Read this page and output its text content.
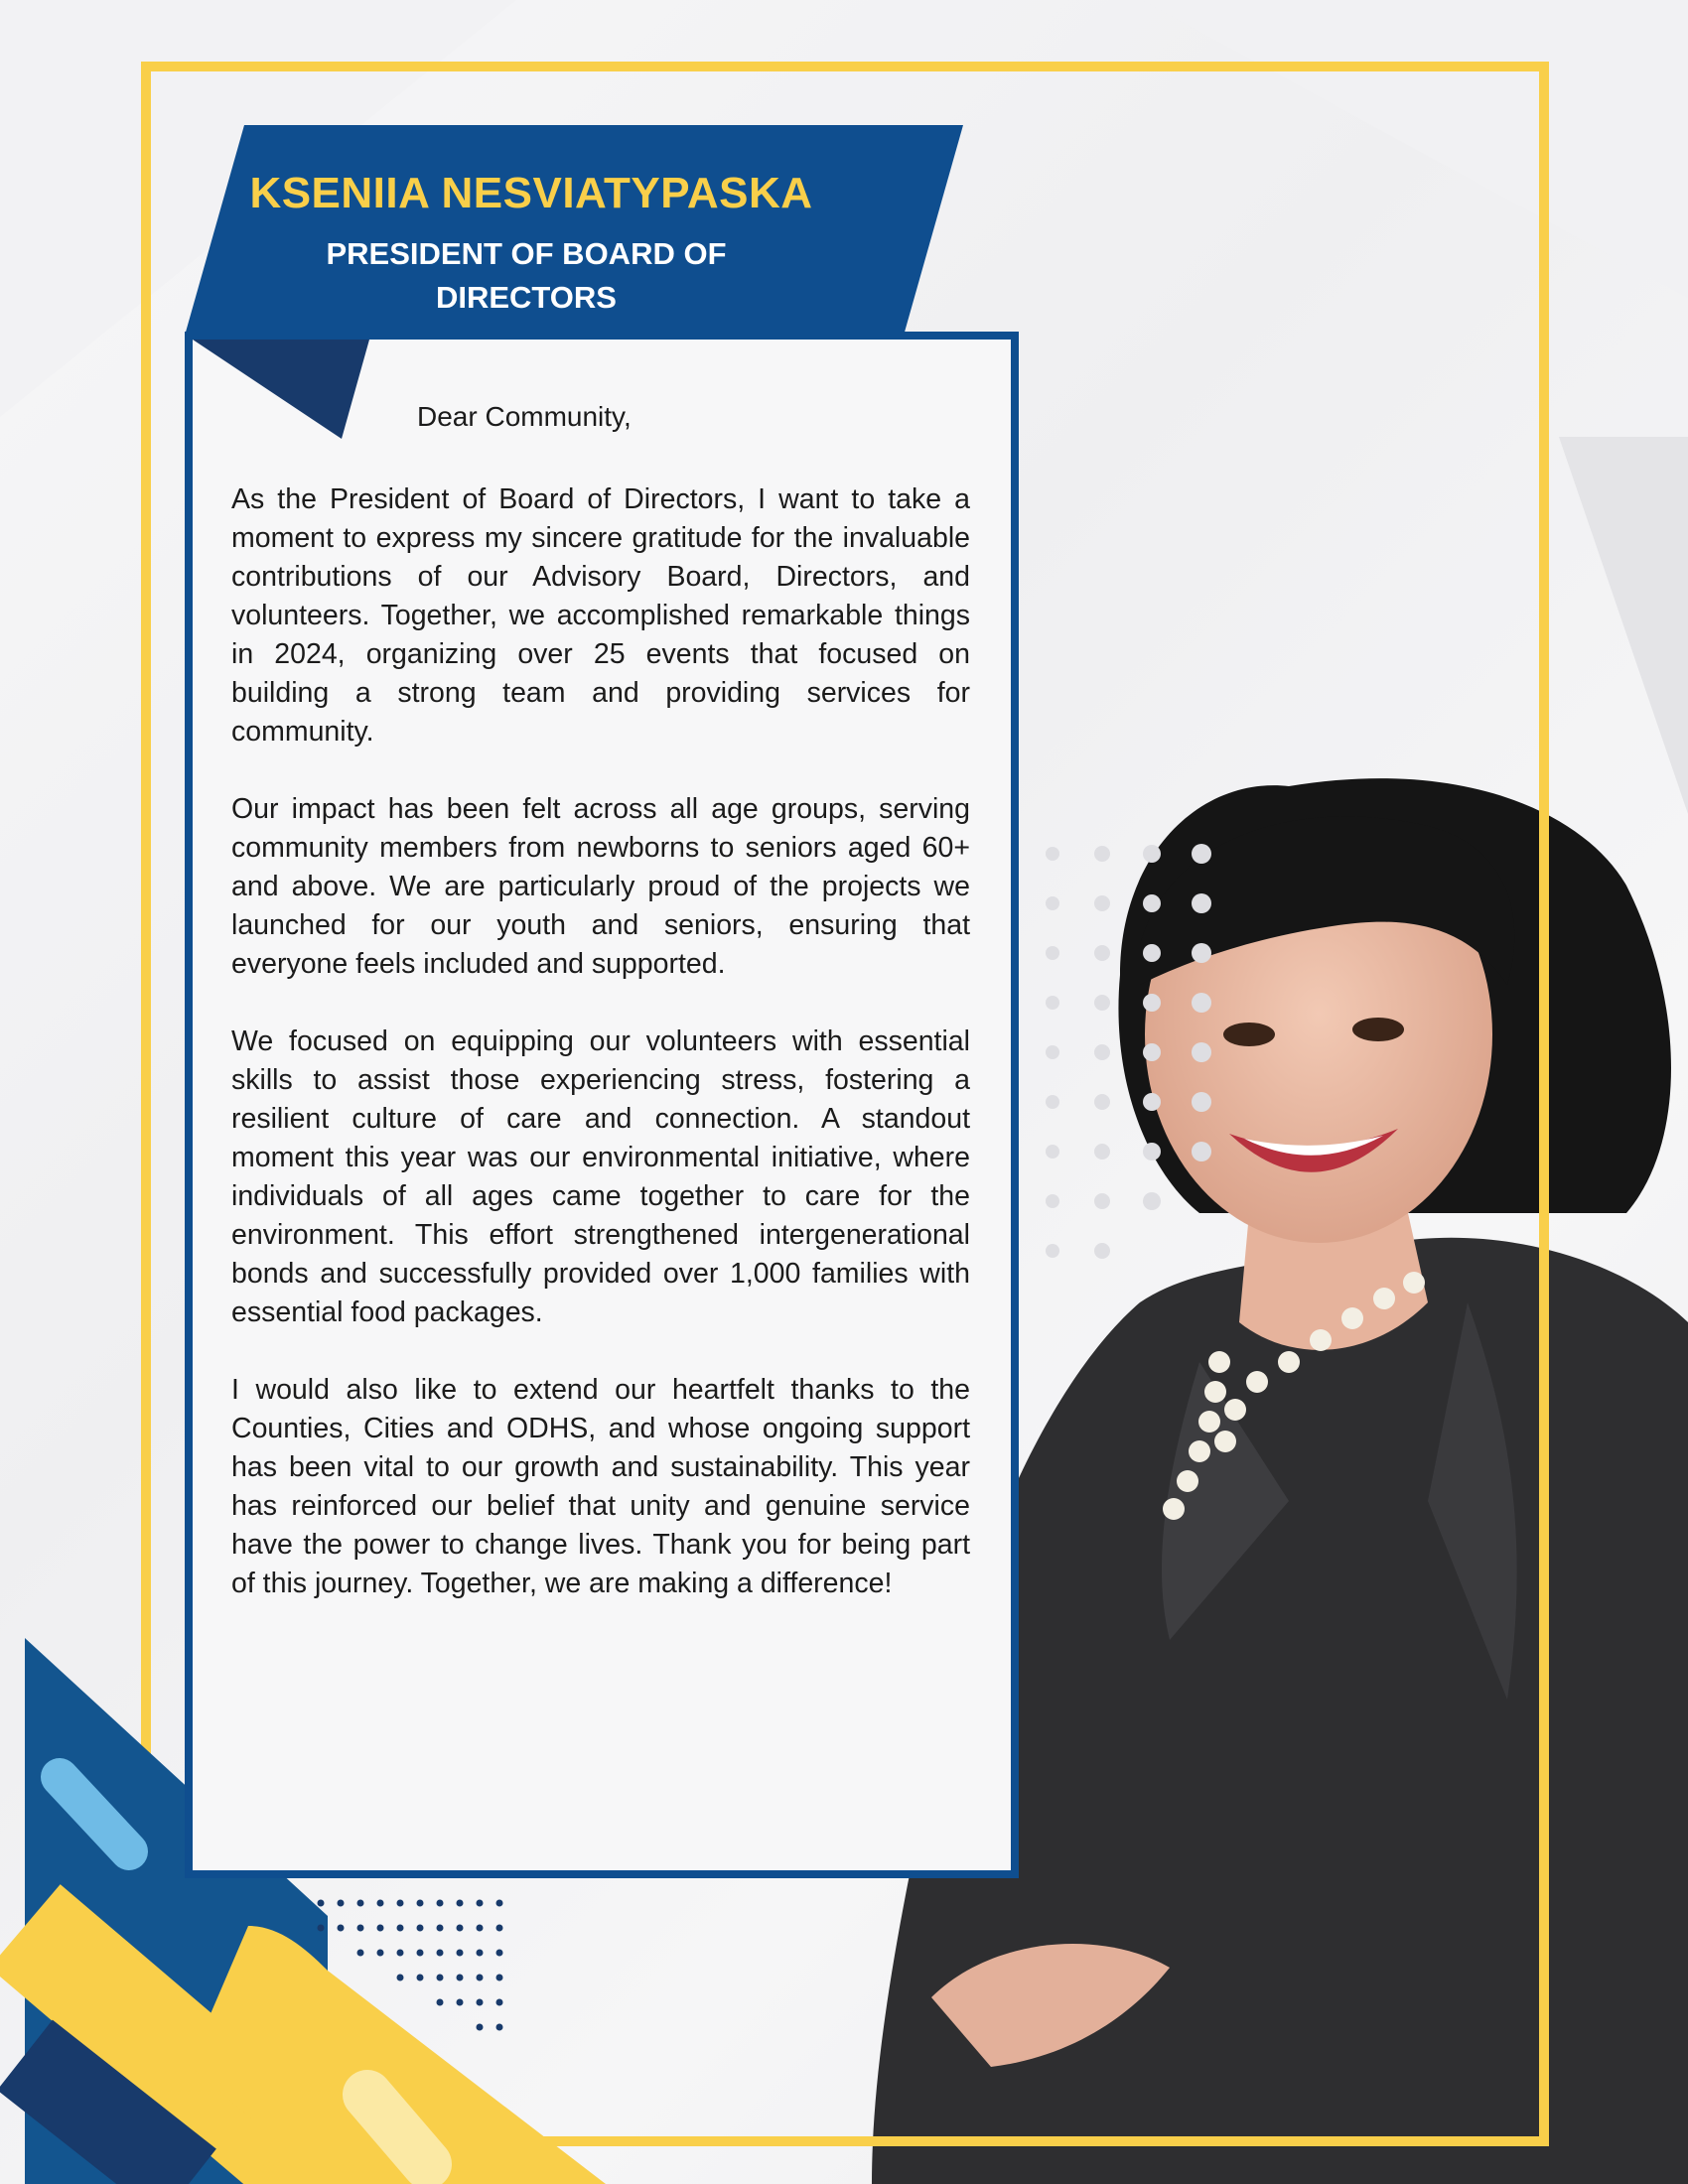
KSENIIA NESVIATYPASKA
PRESIDENT OF BOARD OF DIRECTORS
Dear Community,

As the President of Board of Directors, I want to take a moment to express my sincere gratitude for the invaluable contributions of our Advisory Board, Directors, and volunteers. Together, we accomplished remarkable things in 2024, organizing over 25 events that focused on building a strong team and providing services for community.

Our impact has been felt across all age groups, serving community members from newborns to seniors aged 60+ and above. We are particularly proud of the projects we launched for our youth and seniors, ensuring that everyone feels included and supported.

We focused on equipping our volunteers with essential skills to assist those experiencing stress, fostering a resilient culture of care and connection. A standout moment this year was our environmental initiative, where individuals of all ages came together to care for the environment. This effort strengthened intergenerational bonds and successfully provided over 1,000 families with essential food packages.

I would also like to extend our heartfelt thanks to the Counties, Cities and ODHS, and whose ongoing support has been vital to our growth and sustainability. This year has reinforced our belief that unity and genuine service have the power to change lives. Thank you for being part of this journey. Together, we are making a difference!
